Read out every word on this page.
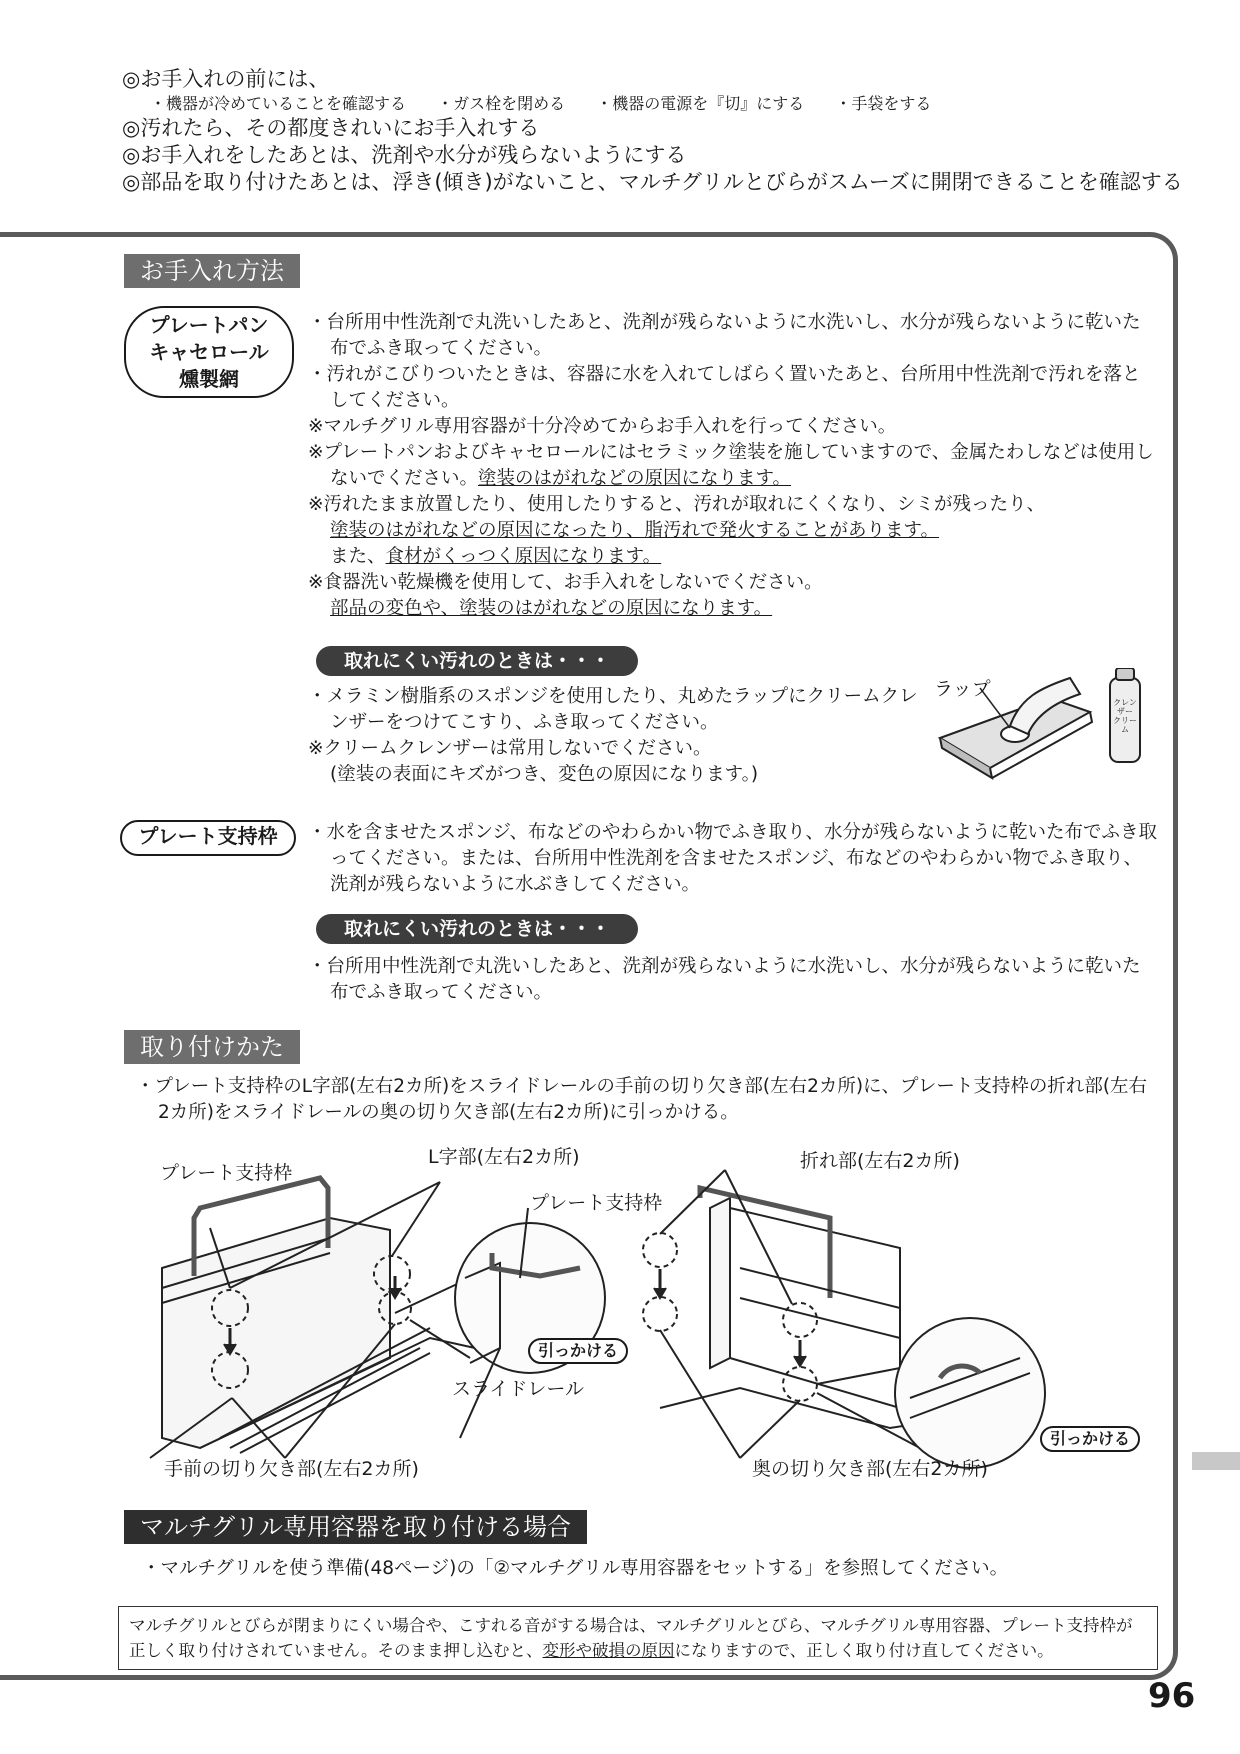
◎お手入れの前には、
・機器が冷めていることを確認する ・ガス栓を閉める ・機器の電源を『切』にする ・手袋をする
◎汚れたら、その都度きれいにお手入れする
◎お手入れをしたあとは、洗剤や水分が残らないようにする
◎部品を取り付けたあとは、浮き(傾き)がないこと、マルチグリルとびらがスムーズに開閉できることを確認する
お手入れ方法
プレートパン
キャセロール
燻製網

・台所用中性洗剤で丸洗いしたあと、洗剤が残らないように水洗いし、水分が残らないように乾いた布でふき取ってください。

・汚れがこびりついたときは、容器に水を入れてしばらく置いたあと、台所用中性洗剤で汚れを落としてください。

※マルチグリル専用容器が十分冷めてからお手入れを行ってください。

※プレートパンおよびキャセロールにはセラミック塗装を施していますので、金属たわしなどは使用しないでください。塗装のはがれなどの原因になります。

※汚れたまま放置したり、使用したりすると、汚れが取れにくくなり、シミが残ったり、

塗装のはがれなどの原因になったり、脂汚れで発火することがあります。

また、食材がくっつく原因になります。

※食器洗い乾燥機を使用して、お手入れをしないでください。

部品の変色や、塗装のはがれなどの原因になります。

取れにくい汚れのときは・・・

・メラミン樹脂系のスポンジを使用したり、丸めたラップにクリームクレンザーをつけてこすり、ふき取ってください。

※クリームクレンザーは常用しないでください。

(塗装の表面にキズがつき、変色の原因になります。)

ラップ
クレンザー
クリーム
プレート支持枠	・水を含ませたスポンジ、布などのやわらかい物でふき取り、水分が残らないように乾いた布でふき取ってください。または、台所用中性洗剤を含ませたスポンジ、布などのやわらかい物でふき取り、洗剤が残らないように水ぶきしてください。

取れにくい汚れのときは・・・

・台所用中性洗剤で丸洗いしたあと、洗剤が残らないように水洗いし、水分が残らないように乾いた布でふき取ってください。

取り付けかた

・プレート支持枠のL字部(左右2カ所)をスライドレールの手前の切り欠き部(左右2カ所)に、プレート支持枠の折れ部(左右2カ所)をスライドレールの奥の切り欠き部(左右2カ所)に引っかける。

プレート支持枠
L字部(左右2カ所)
プレート支持枠
引っかける
スライドレール
手前の切り欠き部(左右2カ所)
折れ部(左右2カ所)
引っかける
奥の切り欠き部(左右2カ所)
マルチグリル専用容器を取り付ける場合

・マルチグリルを使う準備(48ページ)の「②マルチグリル専用容器をセットする」を参照してください。

マルチグリルとびらが閉まりにくい場合や、こすれる音がする場合は、マルチグリルとびら、マルチグリル専用容器、プレート支持枠が正しく取り付けされていません。そのまま押し込むと、変形や破損の原因になりますので、正しく取り付け直してください。
96
